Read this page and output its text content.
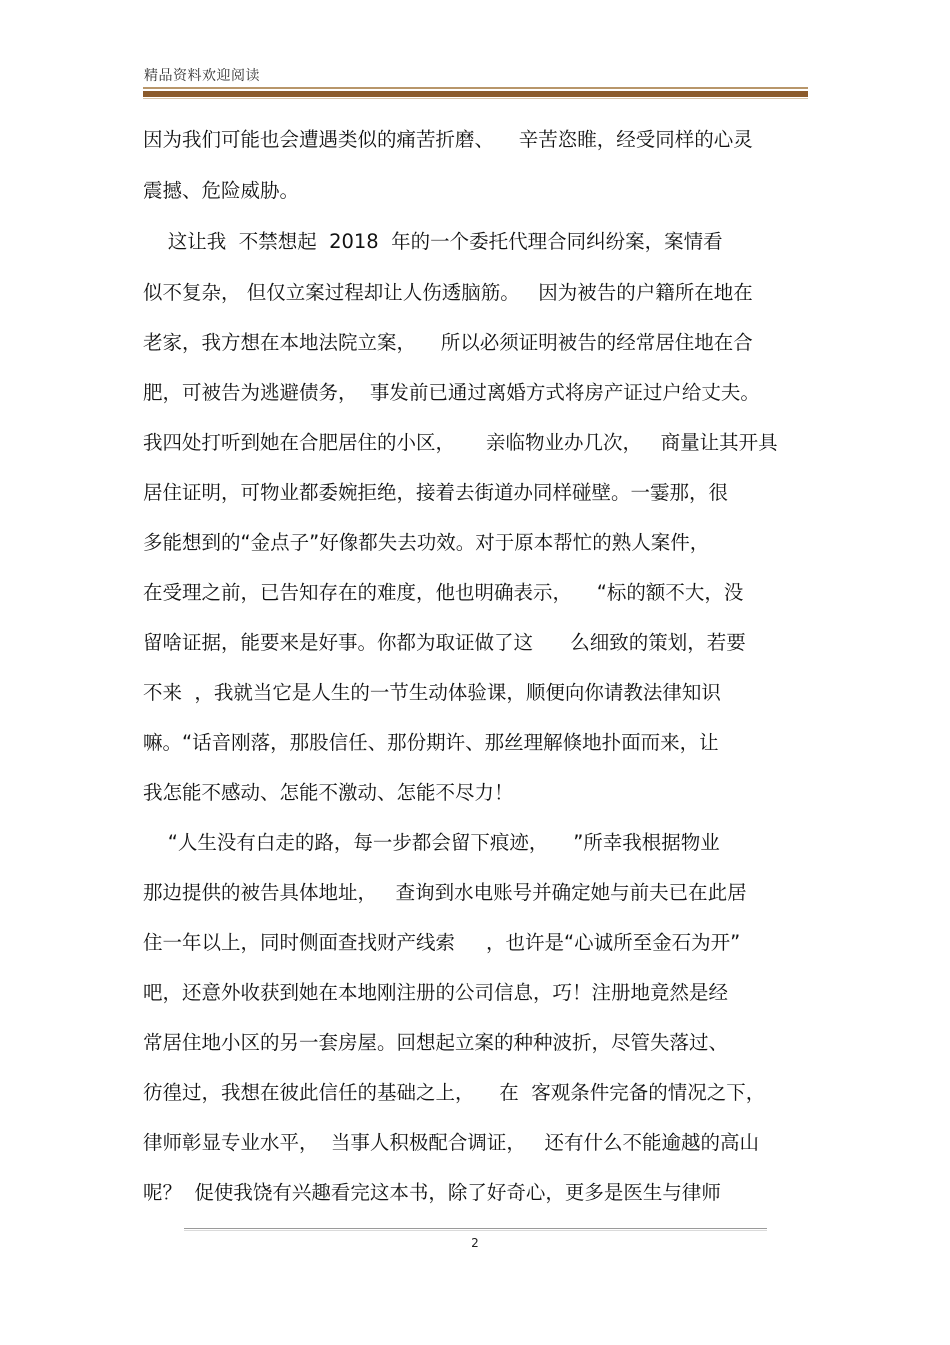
精品资料欢迎阅读
因为我们可能也会遭遇类似的痛苦折磨、    辛苦恣睢，经受同样的心灵
震撼、危险威胁。
这让我  不禁想起  2018  年的一个委托代理合同纠纷案，案情看
似不复杂， 但仅立案过程却让人伤透脑筋。   因为被告的户籍所在地在
老家，我方想在本地法院立案，    所以必须证明被告的经常居住地在合
肥，可被告为逃避债务，  事发前已通过离婚方式将房产证过户给丈夫。
我四处打听到她在合肥居住的小区，     亲临物业办几次，   商量让其开具
居住证明，可物业都委婉拒绝，接着去街道办同样碰壁。一霎那，很
多能想到的“金点子”好像都失去功效。对于原本帮忙的熟人案件，
在受理之前，已告知存在的难度，他也明确表示，    “标的额不大，没
留啥证据，能要来是好事。你都为取证做了这      么细致的策划，若要
不来  ，我就当它是人生的一节生动体验课，顺便向你请教法律知识
嘛。“话音刚落，那股信任、那份期许、那丝理解倏地扑面而来，让
我怎能不感动、怎能不激动、怎能不尽力！
“人生没有白走的路，每一步都会留下痕迹，    ”所幸我根据物业
那边提供的被告具体地址，   查询到水电账号并确定她与前夫已在此居
住一年以上，同时侧面查找财产线索     ，也许是“心诚所至金石为开”
吧，还意外收获到她在本地刚注册的公司信息，巧！注册地竟然是经
常居住地小区的另一套房屋。回想起立案的种种波折，尽管失落过、
彷徨过，我想在彼此信任的基础之上，    在  客观条件完备的情况之下，
律师彰显专业水平，  当事人积极配合调证，   还有什么不能逾越的高山
呢？  促使我饶有兴趣看完这本书，除了好奇心，更多是医生与律师
2
